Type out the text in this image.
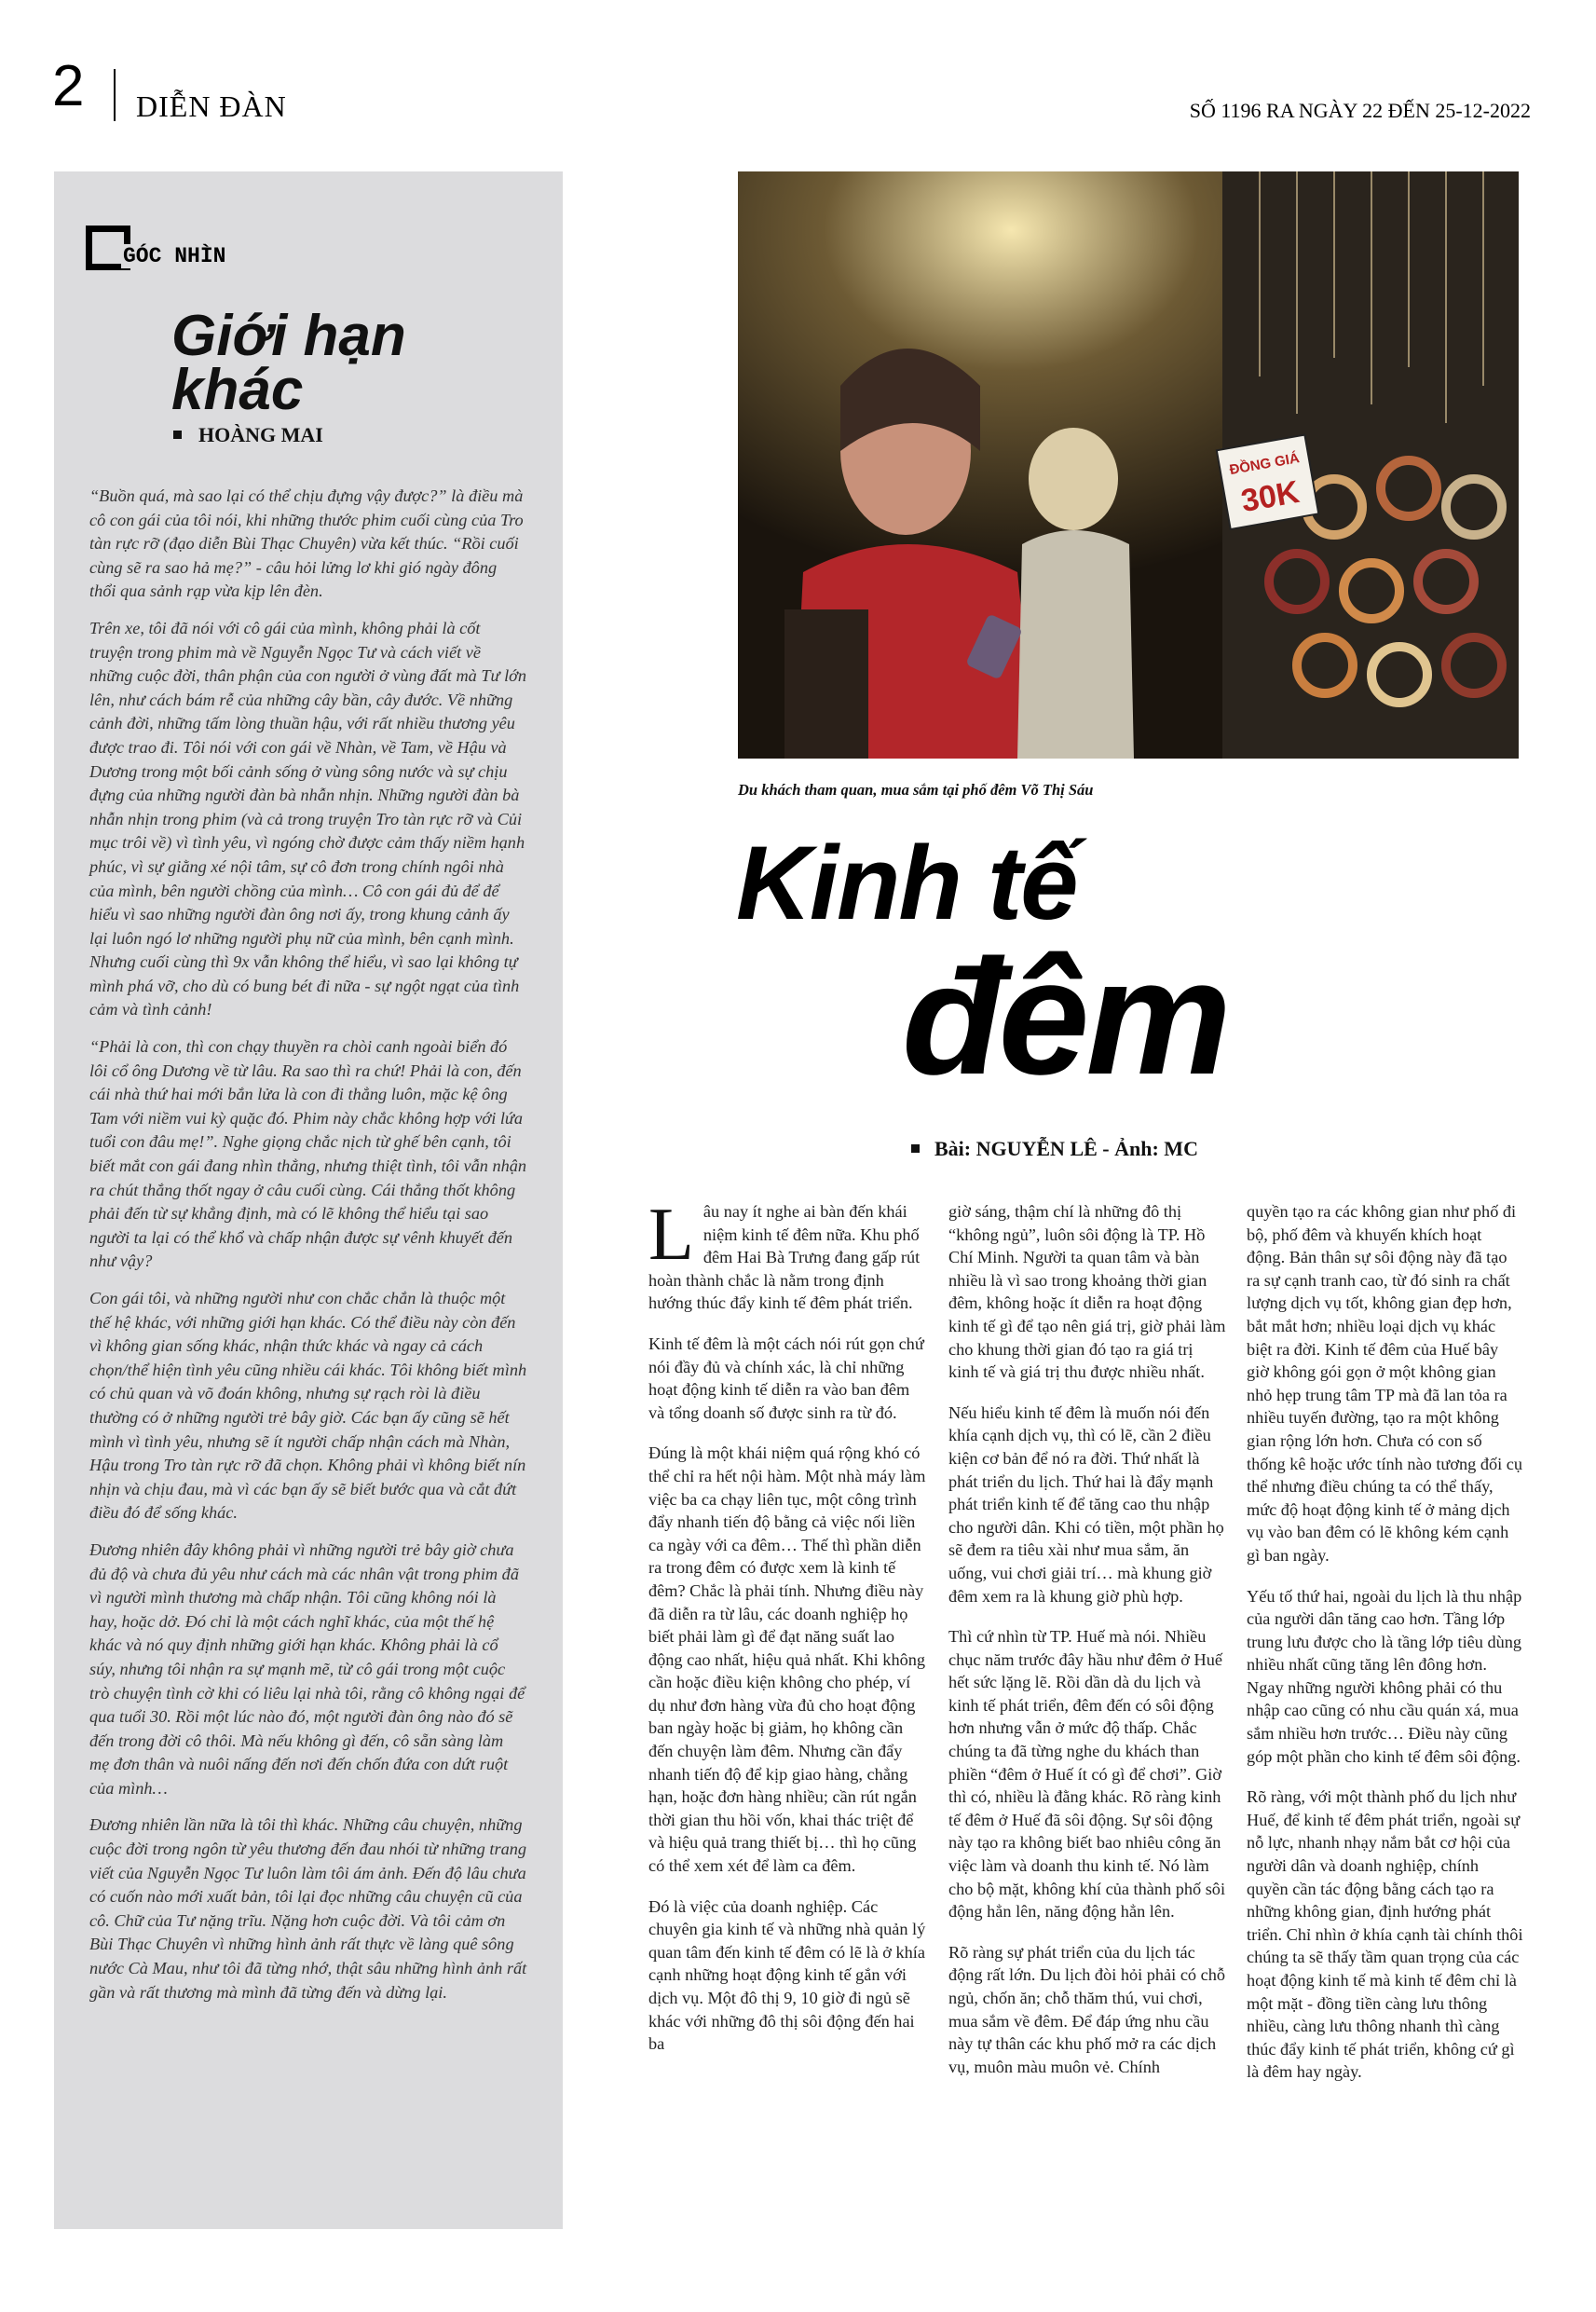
2 DIỄN ĐÀN	SỐ 1196 RA NGÀY 22 ĐẾN 25-12-2022
GÓC NHÌN
Giới hạn khác
HOÀNG MAI

“Buồn quá, mà sao lại có thể chịu đựng vậy được?” là điều mà cô con gái của tôi nói, khi những thước phim cuối cùng của Tro tàn rực rỡ (đạo diễn Bùi Thạc Chuyên) vừa kết thúc. “Rồi cuối cùng sẽ ra sao hả mẹ?” - câu hỏi lửng lơ khi gió ngày đông thổi qua sảnh rạp vừa kịp lên đèn.

Trên xe, tôi đã nói với cô gái của mình, không phải là cốt truyện trong phim mà về Nguyễn Ngọc Tư và cách viết về những cuộc đời, thân phận của con người ở vùng đất mà Tư lớn lên, như cách bám rễ của những cây bần, cây đước. Về những cảnh đời, những tấm lòng thuần hậu, với rất nhiều thương yêu được trao đi. Tôi nói với con gái về Nhàn, về Tam, về Hậu và Dương trong một bối cảnh sống ở vùng sông nước và sự chịu đựng của những người đàn bà nhẫn nhịn. Những người đàn bà nhẫn nhịn trong phim (và cả trong truyện Tro tàn rực rỡ và Củi mục trôi về) vì tình yêu, vì ngóng chờ được cảm thấy niềm hạnh phúc, vì sự giằng xé nội tâm, sự cô đơn trong chính ngôi nhà của mình, bên người chồng của mình… Cô con gái đủ để để hiểu vì sao những người đàn ông nơi ấy, trong khung cảnh ấy lại luôn ngó lơ những người phụ nữ của mình, bên cạnh mình. Nhưng cuối cùng thì 9x vẫn không thể hiểu, vì sao lại không tự mình phá vỡ, cho dù có bung bét đi nữa - sự ngột ngạt của tình cảm và tình cảnh!

“Phải là con, thì con chạy thuyền ra chòi canh ngoài biển đó lôi cổ ông Dương về từ lâu. Ra sao thì ra chứ! Phải là con, đến cái nhà thứ hai mới bắn lửa là con đi thẳng luôn, mặc kệ ông Tam với niềm vui kỳ quặc đó. Phim này chắc không hợp với lứa tuổi con đâu mẹ!”. Nghe giọng chắc nịch từ ghế bên cạnh, tôi biết mắt con gái đang nhìn thẳng, nhưng thiệt tình, tôi vẫn nhận ra chút thắng thốt ngay ở câu cuối cùng. Cái thắng thốt không phải đến từ sự khẳng định, mà có lẽ không thể hiểu tại sao người ta lại có thể khổ và chấp nhận được sự vênh khuyết đến như vậy?

Con gái tôi, và những người như con chắc chắn là thuộc một thế hệ khác, với những giới hạn khác. Có thể điều này còn đến vì không gian sống khác, nhận thức khác và ngay cả cách chọn/thể hiện tình yêu cũng nhiều cái khác. Tôi không biết mình có chủ quan và võ đoán không, nhưng sự rạch ròi là điều thường có ở những người trẻ bây giờ. Các bạn ấy cũng sẽ hết mình vì tình yêu, nhưng sẽ ít người chấp nhận cách mà Nhàn, Hậu trong Tro tàn rực rỡ đã chọn. Không phải vì không biết nín nhịn và chịu đau, mà vì các bạn ấy sẽ biết bước qua và cắt đứt điều đó để sống khác.

Đương nhiên đây không phải vì những người trẻ bây giờ chưa đủ độ và chưa đủ yêu như cách mà các nhân vật trong phim đã vì người mình thương mà chấp nhận. Tôi cũng không nói là hay, hoặc dở. Đó chỉ là một cách nghĩ khác, của một thế hệ khác và nó quy định những giới hạn khác. Không phải là cổ súy, nhưng tôi nhận ra sự mạnh mẽ, từ cô gái trong một cuộc trò chuyện tình cờ khi có liêu lại nhà tôi, rằng cô không ngại để qua tuổi 30. Rồi một lúc nào đó, một người đàn ông nào đó sẽ đến trong đời cô thôi. Mà nếu không gì đến, cô sẵn sàng làm mẹ đơn thân và nuôi nấng đến nơi đến chốn đứa con dứt ruột của mình…

Đương nhiên lần nữa là tôi thì khác. Những câu chuyện, những cuộc đời trong ngôn từ yêu thương đến đau nhói từ những trang viết của Nguyễn Ngọc Tư luôn làm tôi ám ảnh. Đến độ lâu chưa có cuốn nào mới xuất bản, tôi lại đọc những câu chuyện cũ của cô. Chữ của Tư nặng trĩu. Nặng hơn cuộc đời. Và tôi cảm ơn Bùi Thạc Chuyên vì những hình ảnh rất thực về làng quê sông nước Cà Mau, như tôi đã từng nhớ, thật sâu những hình ảnh rất gần và rất thương mà mình đã từng đến và dừng lại.

ĐỒNG GIÁ
30K
Du khách tham quan, mua sắm tại phố đêm Võ Thị Sáu
Kinh tế
đêm
Bài: NGUYỄN LÊ - Ảnh: MC

Lâu nay ít nghe ai bàn đến khái niệm kinh tế đêm nữa. Khu phố đêm Hai Bà Trưng đang gấp rút hoàn thành chắc là nằm trong định hướng thúc đẩy kinh tế đêm phát triển.

Kinh tế đêm là một cách nói rút gọn chứ nói đầy đủ và chính xác, là chỉ những hoạt động kinh tế diễn ra vào ban đêm và tổng doanh số được sinh ra từ đó.

Đúng là một khái niệm quá rộng khó có thể chỉ ra hết nội hàm. Một nhà máy làm việc ba ca chạy liên tục, một công trình đẩy nhanh tiến độ bằng cả việc nối liền ca ngày với ca đêm… Thế thì phần diễn ra trong đêm có được xem là kinh tế đêm? Chắc là phải tính. Nhưng điều này đã diễn ra từ lâu, các doanh nghiệp họ biết phải làm gì để đạt năng suất lao động cao nhất, hiệu quả nhất. Khi không cần hoặc điều kiện không cho phép, ví dụ như đơn hàng vừa đủ cho hoạt động ban ngày hoặc bị giảm, họ không cần đến chuyện làm đêm. Nhưng cần đẩy nhanh tiến độ để kịp giao hàng, chẳng hạn, hoặc đơn hàng nhiều; cần rút ngắn thời gian thu hồi vốn, khai thác triệt để và hiệu quả trang thiết bị… thì họ cũng có thể xem xét để làm ca đêm.

Đó là việc của doanh nghiệp. Các chuyên gia kinh tế và những nhà quản lý quan tâm đến kinh tế đêm có lẽ là ở khía cạnh những hoạt động kinh tế gắn với dịch vụ. Một đô thị 9, 10 giờ đi ngủ sẽ khác với những đô thị sôi động đến hai ba

giờ sáng, thậm chí là những đô thị “không ngủ”, luôn sôi động là TP. Hồ Chí Minh. Người ta quan tâm và bàn nhiều là vì sao trong khoảng thời gian đêm, không hoặc ít diễn ra hoạt động kinh tế gì để tạo nên giá trị, giờ phải làm cho khung thời gian đó tạo ra giá trị kinh tế và giá trị thu được nhiều nhất.

Nếu hiểu kinh tế đêm là muốn nói đến khía cạnh dịch vụ, thì có lẽ, cần 2 điều kiện cơ bản để nó ra đời. Thứ nhất là phát triển du lịch. Thứ hai là đẩy mạnh phát triển kinh tế để tăng cao thu nhập cho người dân. Khi có tiền, một phần họ sẽ đem ra tiêu xài như mua sắm, ăn uống, vui chơi giải trí… mà khung giờ đêm xem ra là khung giờ phù hợp.

Thì cứ nhìn từ TP. Huế mà nói. Nhiều chục năm trước đây hầu như đêm ở Huế hết sức lặng lẽ. Rồi dần dà du lịch và kinh tế phát triển, đêm đến có sôi động hơn nhưng vẫn ở mức độ thấp. Chắc chúng ta đã từng nghe du khách than phiền “đêm ở Huế ít có gì để chơi”. Giờ thì có, nhiều là đằng khác. Rõ ràng kinh tế đêm ở Huế đã sôi động. Sự sôi động này tạo ra không biết bao nhiêu công ăn việc làm và doanh thu kinh tế. Nó làm cho bộ mặt, không khí của thành phố sôi động hẳn lên, năng động hẳn lên.

Rõ ràng sự phát triển của du lịch tác động rất lớn. Du lịch đòi hỏi phải có chỗ ngủ, chốn ăn; chỗ thăm thú, vui chơi, mua sắm về đêm. Để đáp ứng nhu cầu này tự thân các khu phố mở ra các dịch vụ, muôn màu muôn vẻ. Chính

quyền tạo ra các không gian như phố đi bộ, phố đêm và khuyến khích hoạt động. Bản thân sự sôi động này đã tạo ra sự cạnh tranh cao, từ đó sinh ra chất lượng dịch vụ tốt, không gian đẹp hơn, bắt mắt hơn; nhiều loại dịch vụ khác biệt ra đời. Kinh tế đêm của Huế bây giờ không gói gọn ở một không gian nhỏ hẹp trung tâm TP mà đã lan tỏa ra nhiều tuyến đường, tạo ra một không gian rộng lớn hơn. Chưa có con số thống kê hoặc ước tính nào tương đối cụ thể nhưng điều chúng ta có thể thấy, mức độ hoạt động kinh tế ở mảng dịch vụ vào ban đêm có lẽ không kém cạnh gì ban ngày.

Yếu tố thứ hai, ngoài du lịch là thu nhập của người dân tăng cao hơn. Tầng lớp trung lưu được cho là tầng lớp tiêu dùng nhiều nhất cũng tăng lên đông hơn. Ngay những người không phải có thu nhập cao cũng có nhu cầu quán xá, mua sắm nhiều hơn trước… Điều này cũng góp một phần cho kinh tế đêm sôi động.

Rõ ràng, với một thành phố du lịch như Huế, để kinh tế đêm phát triển, ngoài sự nỗ lực, nhanh nhạy nắm bắt cơ hội của người dân và doanh nghiệp, chính quyền cần tác động bằng cách tạo ra những không gian, định hướng phát triển. Chỉ nhìn ở khía cạnh tài chính thôi chúng ta sẽ thấy tầm quan trọng của các hoạt động kinh tế mà kinh tế đêm chỉ là một mặt - đồng tiền càng lưu thông nhiều, càng lưu thông nhanh thì càng thúc đẩy kinh tế phát triển, không cứ gì là đêm hay ngày.
